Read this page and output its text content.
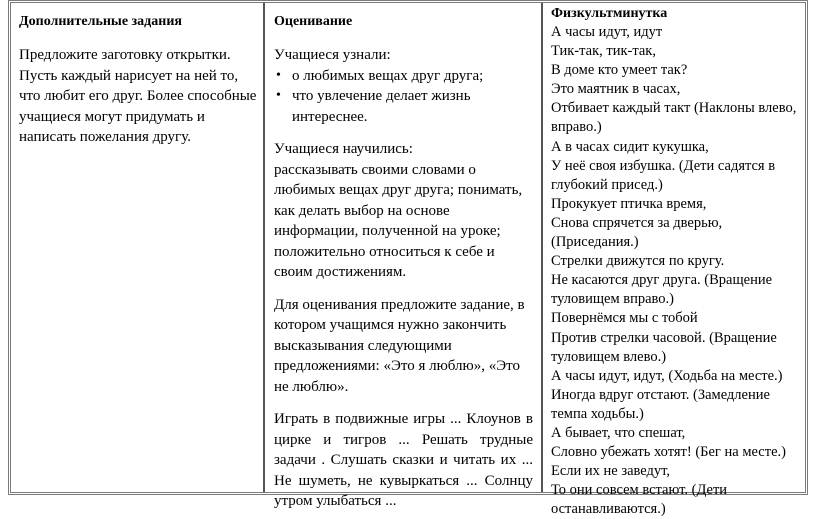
Дополнительные задания

Предложите заготовку открытки. Пусть каждый нарисует на ней то, что любит его друг. Более способные учащиеся могут придумать и написать пожелания другу.

Оценивание

Учащиеся узнали:

• о любимых вещах друг друга;
• что увлечение делает жизнь интереснее.

Учащиеся научились:

рассказывать своими словами о любимых вещах друг друга; понимать, как делать выбор на основе информации, полученной на уроке; положительно относиться к себе и своим достижениям.

Для оценивания предложите задание, в котором учащимся нужно закончить высказывания следующими предложениями: «Это я люблю», «Это не люблю».

Играть в подвижные игры ... Клоунов в цирке и тигров ... Решать трудные задачи . Слушать сказки и читать их ... Не шуметь, не кувыркаться ... Солнцу утром улыбаться ...

Физкультминутка

А часы идут, идут

Тик-так, тик-так,

В доме кто умеет так?

Это маятник в часах,

Отбивает каждый такт (Наклоны влево, вправо.)

А в часах сидит кукушка,

У неё своя избушка. (Дети садятся в глубокий присед.)

Прокукует птичка время,

Снова спрячется за дверью, (Приседания.)

Стрелки движутся по кругу.

Не касаются друг друга. (Вращение туловищем вправо.)

Повернёмся мы с тобой

Против стрелки часовой. (Вращение туловищем влево.)

А часы идут, идут, (Ходьба на месте.)

Иногда вдруг отстают. (Замедление темпа ходьбы.)

А бывает, что спешат,

Словно убежать хотят! (Бег на месте.)

Если их не заведут,

То они совсем встают. (Дети останавливаются.)
